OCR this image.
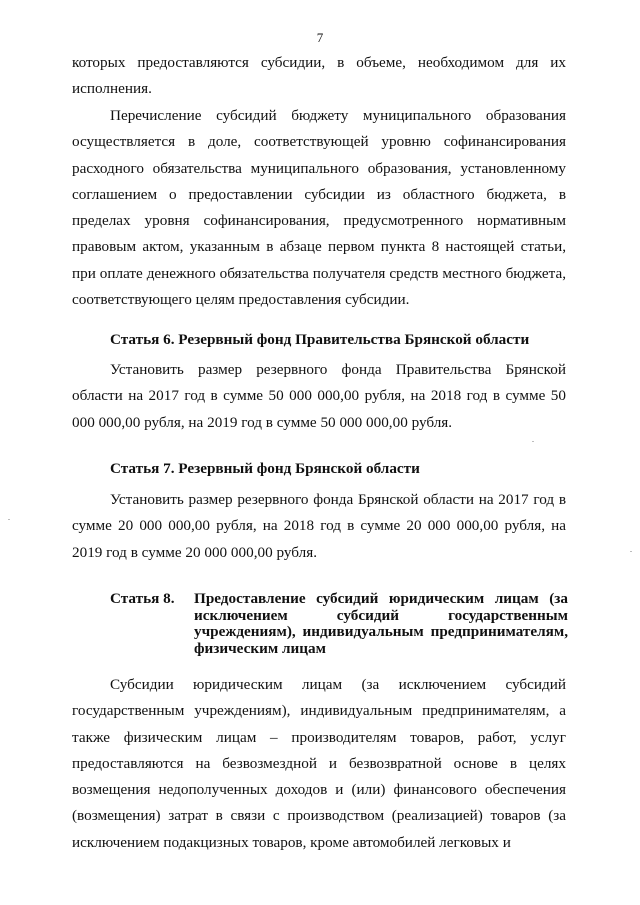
7

которых предоставляются субсидии, в объеме, необходимом для их исполнения.

Перечисление субсидий бюджету муниципального образования осуществляется в доле, соответствующей уровню софинансирования расходного обязательства муниципального образования, установленному соглашением о предоставлении субсидии из областного бюджета, в пределах уровня софинансирования, предусмотренного нормативным правовым актом, указанным в абзаце первом пункта 8 настоящей статьи, при оплате денежного обязательства получателя средств местного бюджета, соответствующего целям предоставления субсидии.

Статья 6. Резервный фонд Правительства Брянской области

Установить размер резервного фонда Правительства Брянской области на 2017 год в сумме 50 000 000,00 рубля, на 2018 год в сумме 50 000 000,00 рубля, на 2019 год в сумме 50 000 000,00 рубля.

Статья 7. Резервный фонд Брянской области

Установить размер резервного фонда Брянской области на 2017 год в сумме 20 000 000,00 рубля, на 2018 год в сумме 20 000 000,00 рубля, на 2019 год в сумме 20 000 000,00 рубля.

Статья 8. Предоставление субсидий юридическим лицам (за исключением субсидий государственным учреждениям), индивидуальным предпринимателям, физическим лицам

Субсидии юридическим лицам (за исключением субсидий государственным учреждениям), индивидуальным предпринимателям, а также физическим лицам – производителям товаров, работ, услуг предоставляются на безвозмездной и безвозвратной основе в целях возмещения недополученных доходов и (или) финансового обеспечения (возмещения) затрат в связи с производством (реализацией) товаров (за исключением подакцизных товаров, кроме автомобилей легковых и
